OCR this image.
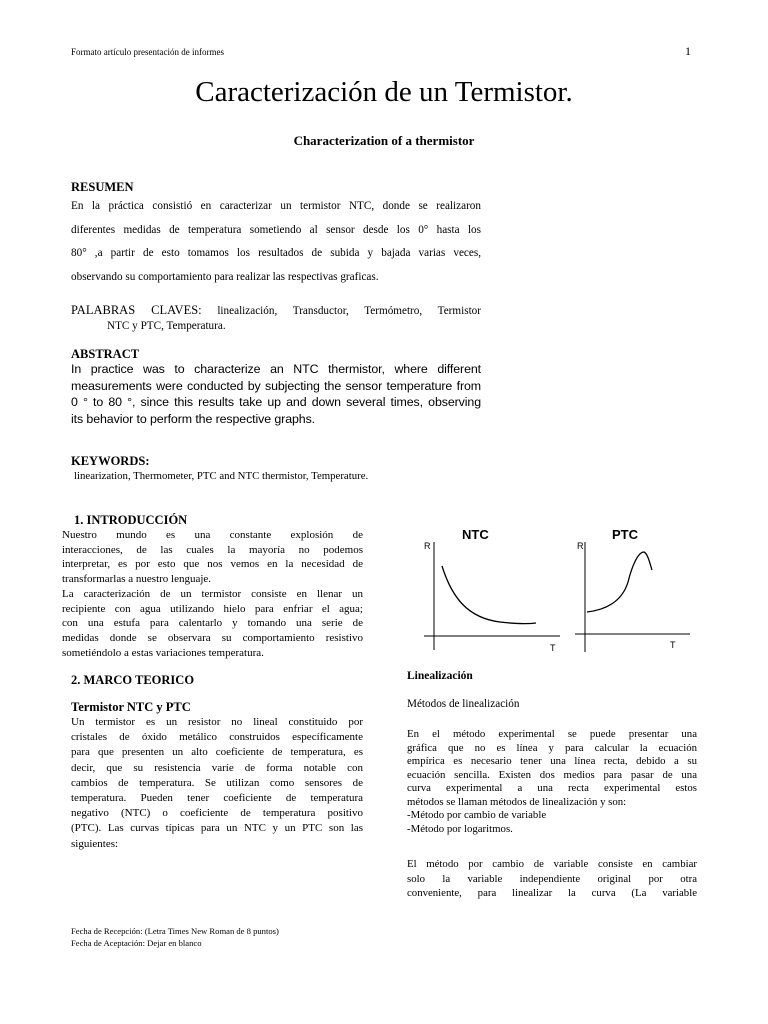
Formato artículo presentación de informes	1
Caracterización de un Termistor.
Characterization of a thermistor
RESUMEN
En la práctica consistió en caracterizar un termistor NTC, donde se realizaron
diferentes medidas de temperatura sometiendo al sensor desde los 0° hasta los
80° ,a partir de esto tomamos los resultados de subida y bajada varias veces,
observando su comportamiento para realizar las respectivas graficas.
PALABRAS CLAVES: linealización, Transductor, Termómetro, Termistor
NTC y PTC, Temperatura.
ABSTRACT
In practice was to characterize an NTC thermistor, where different
measurements were conducted by subjecting the sensor temperature from
0 ° to 80 °, since this results take up and down several times, observing
its behavior to perform the respective graphs.
KEYWORDS:
linearization, Thermometer, PTC and NTC thermistor, Temperature.
1. INTRODUCCIÓN
Nuestro mundo es una constante explosión de
interacciones, de las cuales la mayoría no podemos
interpretar, es por esto que nos vemos en la necesidad de
transformarlas a nuestro lenguaje.
La caracterización de un termistor consiste en llenar un
recipiente con agua utilizando hielo para enfriar el agua;
con una estufa para calentarlo y tomando una serie de
medidas donde se observara su comportamiento resistivo
sometiéndolo a estas variaciones temperatura.
2. MARCO TEORICO
Termistor NTC y PTC
Un termistor es un resistor no lineal constituido por
cristales de óxido metálico construidos específicamente
para que presenten un alto coeficiente de temperatura, es
decir, que su resistencia varíe de forma notable con
cambios de temperatura. Se utilizan como sensores de
temperatura. Pueden tener coeficiente de temperatura
negativo (NTC) o coeficiente de temperatura positivo
(PTC). Las curvas típicas para un NTC y un PTC son las
siguientes:
NTC
R
T
PTC
R
T
Linealización
Métodos de linealización
En el método experimental se puede presentar una
gráfica que no es línea y para calcular la ecuación
empírica es necesario tener una línea recta, debido a su
ecuación sencilla. Existen dos medios para pasar de una
curva experimental a una recta experimental estos
métodos se llaman métodos de linealización y son:
-Método por cambio de variable
-Método por logaritmos.
El método por cambio de variable consiste en cambiar
solo la variable independiente original por otra
conveniente, para linealizar la curva (La variable
Fecha de Recepción: (Letra Times New Roman de 8 puntos)
Fecha de Aceptación: Dejar en blanco
